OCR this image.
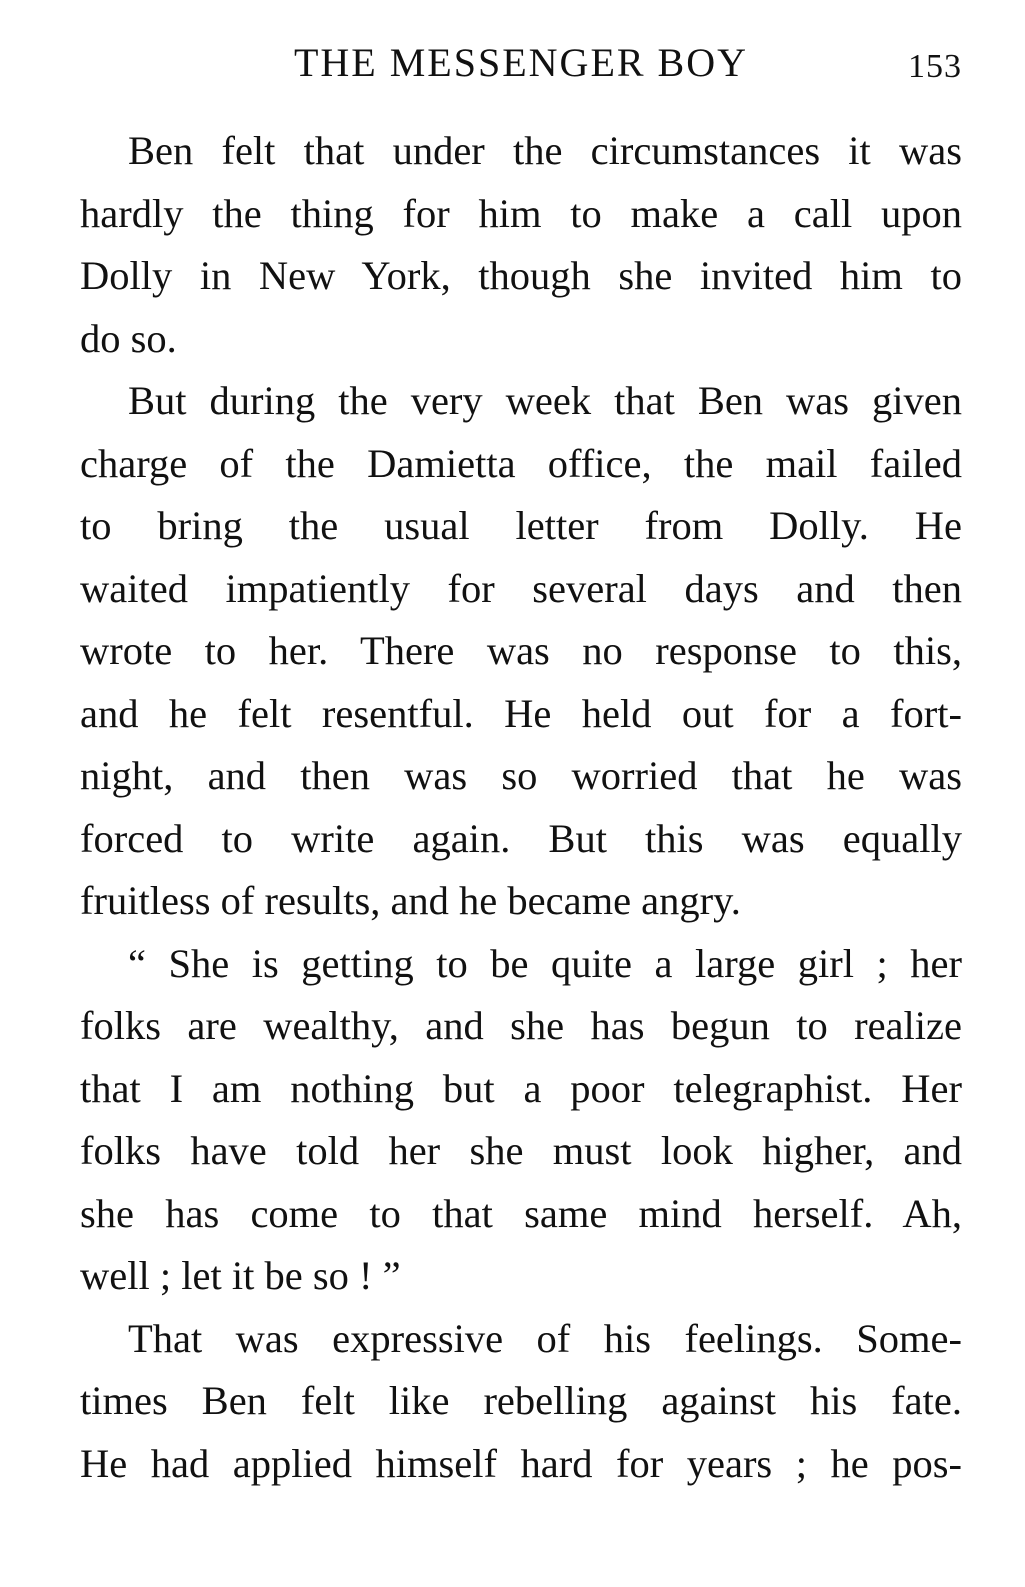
THE MESSENGER BOY	153

Ben felt that under the circumstances it was
hardly the thing for him to make a call upon
Dolly in New York, though she invited him to
do so.

But during the very week that Ben was given
charge of the Damietta office, the mail failed
to bring the usual letter from Dolly. He
waited impatiently for several days and then
wrote to her. There was no response to this,
and he felt resentful. He held out for a fort-
night, and then was so worried that he was
forced to write again. But this was equally
fruitless of results, and he became angry.

“ She is getting to be quite a large girl ; her
folks are wealthy, and she has begun to realize
that I am nothing but a poor telegraphist. Her
folks have told her she must look higher, and
she has come to that same mind herself. Ah,
well ; let it be so ! ”

That was expressive of his feelings. Some-
times Ben felt like rebelling against his fate.
He had applied himself hard for years ; he pos-
